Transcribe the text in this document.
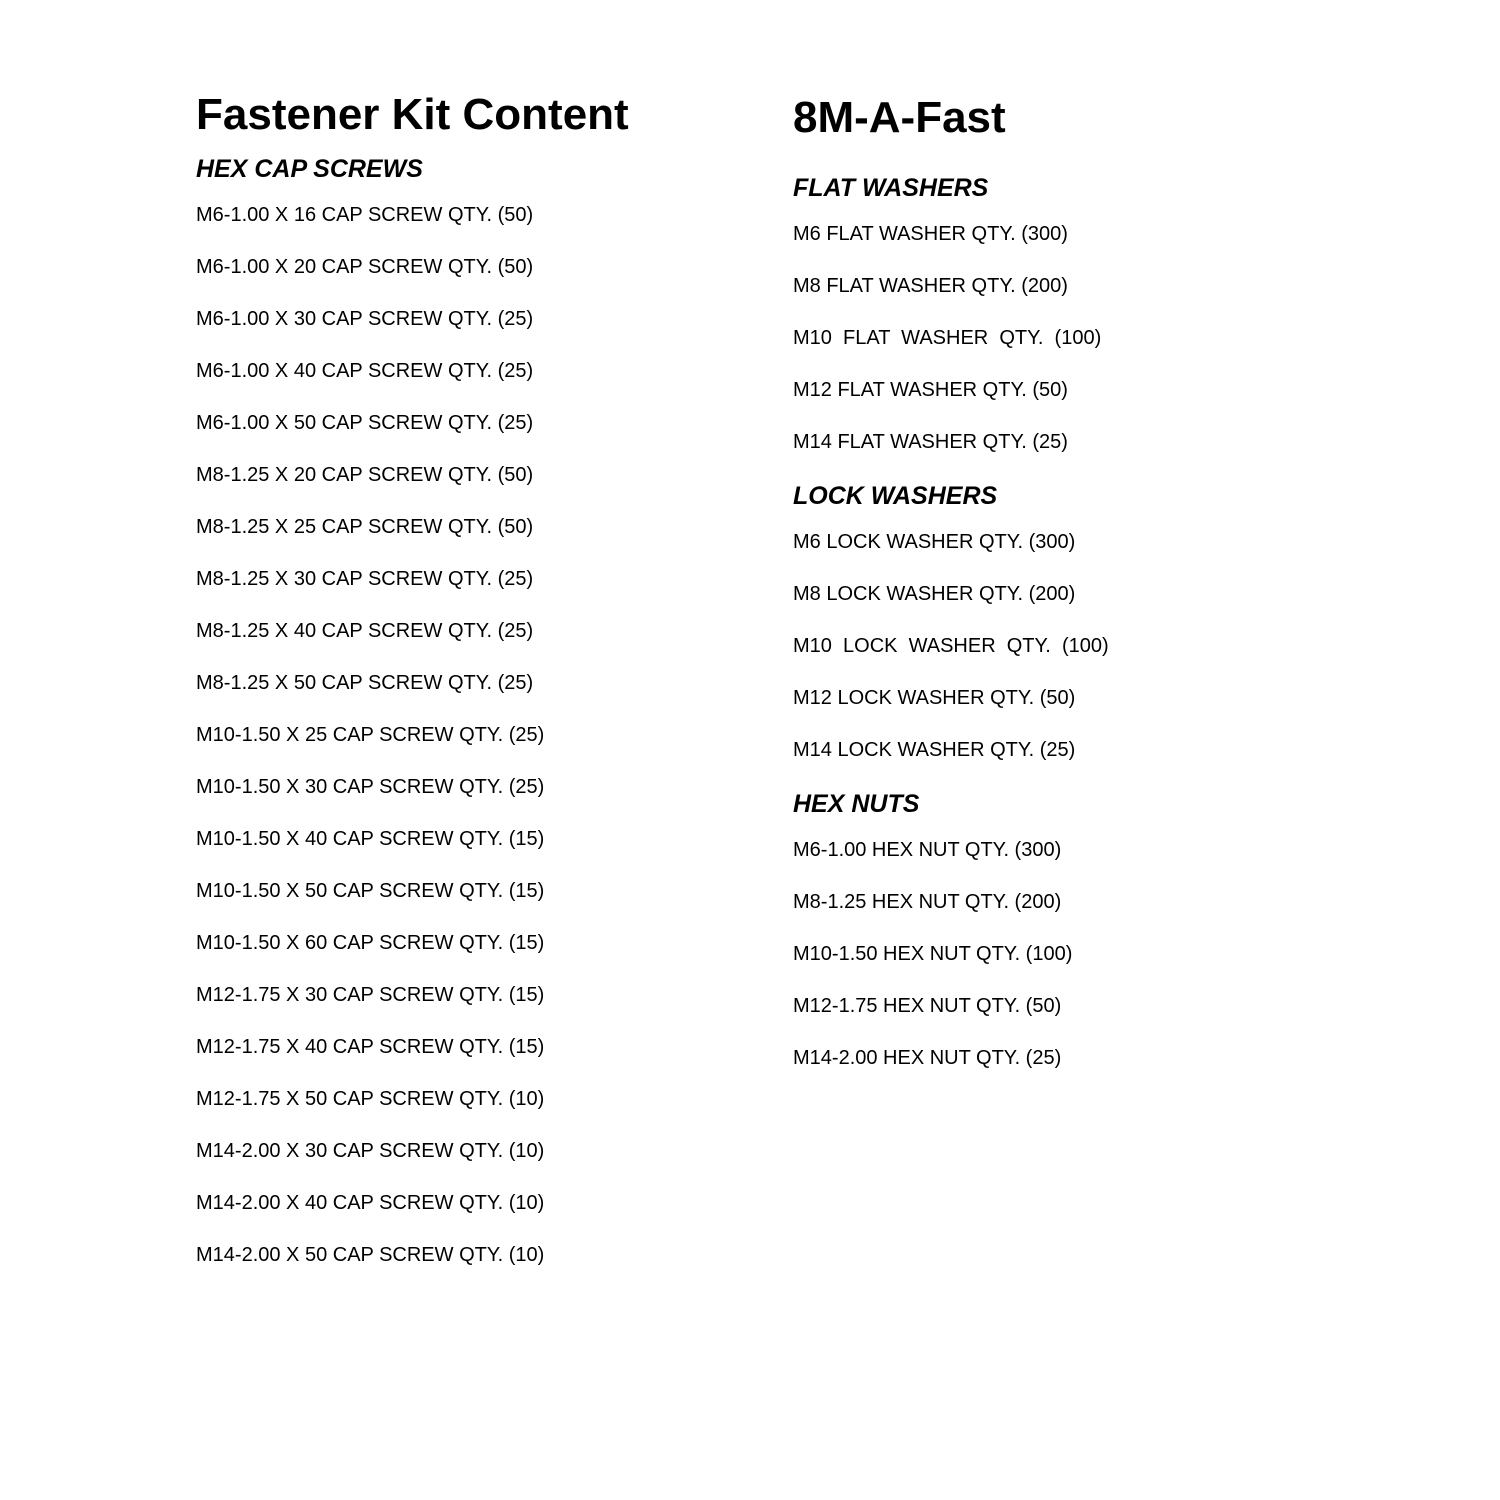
Fastener Kit Content
HEX CAP SCREWS

M6-1.00 X 16 CAP SCREW QTY. (50)

M6-1.00 X 20 CAP SCREW QTY. (50)

M6-1.00 X 30 CAP SCREW QTY. (25)

M6-1.00 X 40 CAP SCREW QTY. (25)

M6-1.00 X 50 CAP SCREW QTY. (25)

M8-1.25 X 20 CAP SCREW QTY. (50)

M8-1.25 X 25 CAP SCREW QTY. (50)

M8-1.25 X 30 CAP SCREW QTY. (25)

M8-1.25 X 40 CAP SCREW QTY. (25)

M8-1.25 X 50 CAP SCREW QTY. (25)

M10-1.50 X 25 CAP SCREW QTY. (25)

M10-1.50 X 30 CAP SCREW QTY. (25)

M10-1.50 X 40 CAP SCREW QTY. (15)

M10-1.50 X 50 CAP SCREW QTY. (15)

M10-1.50 X 60 CAP SCREW QTY. (15)

M12-1.75 X 30 CAP SCREW QTY. (15)

M12-1.75 X 40 CAP SCREW QTY. (15)

M12-1.75 X 50 CAP SCREW QTY. (10)

M14-2.00 X 30 CAP SCREW QTY. (10)

M14-2.00 X 40 CAP SCREW QTY. (10)

M14-2.00 X 50 CAP SCREW QTY. (10)

8M-A-Fast
FLAT WASHERS

M6 FLAT WASHER QTY. (300)

M8 FLAT WASHER QTY. (200)

M10  FLAT  WASHER  QTY.  (100)

M12 FLAT WASHER QTY. (50)

M14 FLAT WASHER QTY. (25)

LOCK WASHERS

M6 LOCK WASHER QTY. (300)

M8 LOCK WASHER QTY. (200)

M10  LOCK  WASHER  QTY.  (100)

M12 LOCK WASHER QTY. (50)

M14 LOCK WASHER QTY. (25)

HEX NUTS

M6-1.00 HEX NUT QTY. (300)

M8-1.25 HEX NUT QTY. (200)

M10-1.50 HEX NUT QTY. (100)

M12-1.75 HEX NUT QTY. (50)

M14-2.00 HEX NUT QTY. (25)
